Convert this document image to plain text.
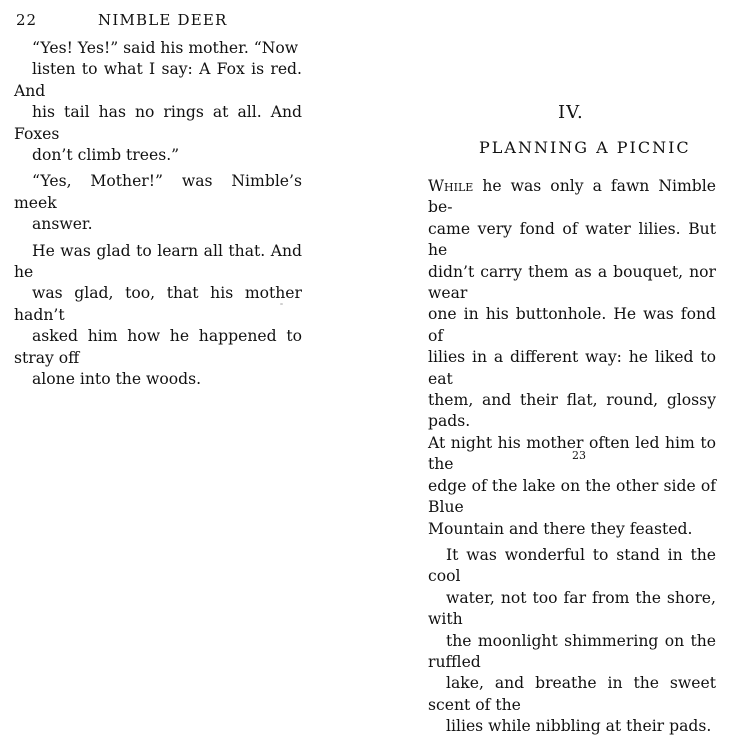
22	NIMBLE DEER

“Yes! Yes!” said his mother. “Now
listen to what I say: A Fox is red. And
his tail has no rings at all. And Foxes
don’t climb trees.”

“Yes, Mother!” was Nimble’s meek
answer.

He was glad to learn all that. And he
was glad, too, that his mother hadn’t
asked him how he happened to stray off
alone into the woods.

IV.
PLANNING A PICNIC

While he was only a fawn Nimble be-
came very fond of water lilies. But he
didn’t carry them as a bouquet, nor wear
one in his buttonhole. He was fond of
lilies in a different way: he liked to eat
them, and their flat, round, glossy pads.
At night his mother often led him to the
edge of the lake on the other side of Blue
Mountain and there they feasted.

It was wonderful to stand in the cool
water, not too far from the shore, with
the moonlight shimmering on the ruffled
lake, and breathe in the sweet scent of the
lilies while nibbling at their pads.

23
